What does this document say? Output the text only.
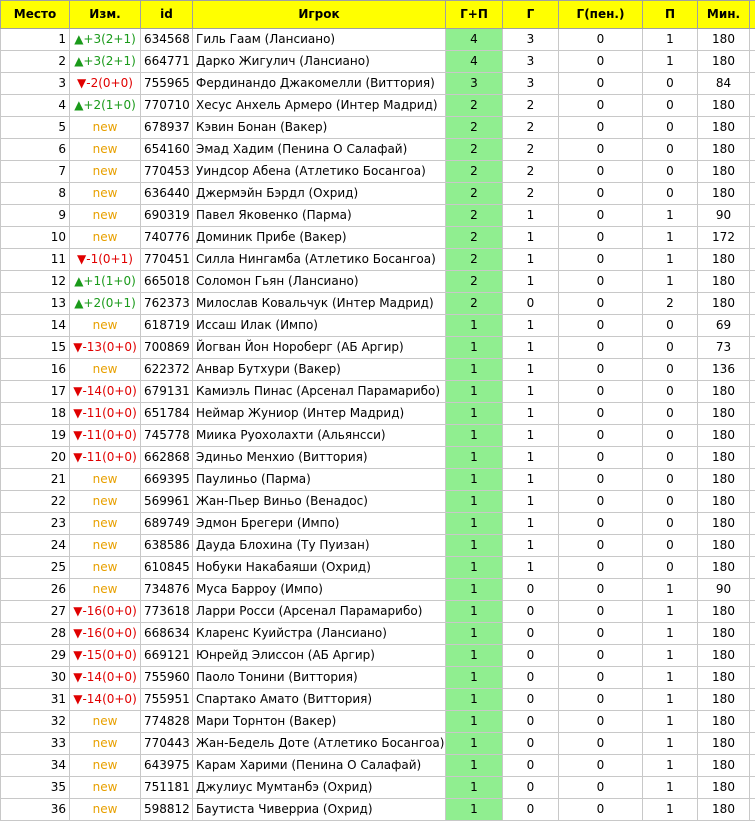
Место	Изм.	id	Игрок	Г+П	Г	Г(пен.)	П	Мин.	
1	▲+3(2+1)	634568	Гиль Гаам (Лансиано)	4	3	0	1	180	
2	▲+3(2+1)	664771	Дарко Жигулич (Лансиано)	4	3	0	1	180	
3	▼-2(0+0)	755965	Фердинандо Джакомелли (Виттория)	3	3	0	0	84	
4	▲+2(1+0)	770710	Хесус Анхель Армеро (Интер Мадрид)	2	2	0	0	180	
5	new	678937	Кэвин Бонан (Вакер)	2	2	0	0	180	
6	new	654160	Эмад Хадим (Пенина О Салафай)	2	2	0	0	180	
7	new	770453	Уиндсор Абена (Атлетико Босангоа)	2	2	0	0	180	
8	new	636440	Джермэйн Бэрдл (Охрид)	2	2	0	0	180	
9	new	690319	Павел Яковенко (Парма)	2	1	0	1	90	
10	new	740776	Доминик Прибе (Вакер)	2	1	0	1	172	
11	▼-1(0+1)	770451	Силла Нингамба (Атлетико Босангоа)	2	1	0	1	180	
12	▲+1(1+0)	665018	Соломон Гьян (Лансиано)	2	1	0	1	180	
13	▲+2(0+1)	762373	Милослав Ковальчук (Интер Мадрид)	2	0	0	2	180	
14	new	618719	Иссаш Илак (Импо)	1	1	0	0	69	
15	▼-13(0+0)	700869	Йогван Йон Нороберг (АБ Аргир)	1	1	0	0	73	
16	new	622372	Анвар Бутхури (Вакер)	1	1	0	0	136	
17	▼-14(0+0)	679131	Камиэль Пинас (Арсенал Парамарибо)	1	1	0	0	180	
18	▼-11(0+0)	651784	Неймар Жуниор (Интер Мадрид)	1	1	0	0	180	
19	▼-11(0+0)	745778	Миика Руохолахти (Альянсси)	1	1	0	0	180	
20	▼-11(0+0)	662868	Эдиньо Менхио (Виттория)	1	1	0	0	180	
21	new	669395	Паулиньо (Парма)	1	1	0	0	180	
22	new	569961	Жан-Пьер Виньо (Венадос)	1	1	0	0	180	
23	new	689749	Эдмон Брегери (Импо)	1	1	0	0	180	
24	new	638586	Дауда Блохина (Ту Пуизан)	1	1	0	0	180	
25	new	610845	Нобуки Накабаяши (Охрид)	1	1	0	0	180	
26	new	734876	Муса Барроу (Импо)	1	0	0	1	90	
27	▼-16(0+0)	773618	Ларри Росси (Арсенал Парамарибо)	1	0	0	1	180	
28	▼-16(0+0)	668634	Кларенс Куийстра (Лансиано)	1	0	0	1	180	
29	▼-15(0+0)	669121	Юнрейд Элиссон (АБ Аргир)	1	0	0	1	180	
30	▼-14(0+0)	755960	Паоло Тонини (Виттория)	1	0	0	1	180	
31	▼-14(0+0)	755951	Спартако Амато (Виттория)	1	0	0	1	180	
32	new	774828	Мари Торнтон (Вакер)	1	0	0	1	180	
33	new	770443	Жан-Бедель Доте (Атлетико Босангоа)	1	0	0	1	180	
34	new	643975	Карам Харими (Пенина О Салафай)	1	0	0	1	180	
35	new	751181	Джулиус Мумтанбэ (Охрид)	1	0	0	1	180	
36	new	598812	Баутиста Чиверриа (Охрид)	1	0	0	1	180	
